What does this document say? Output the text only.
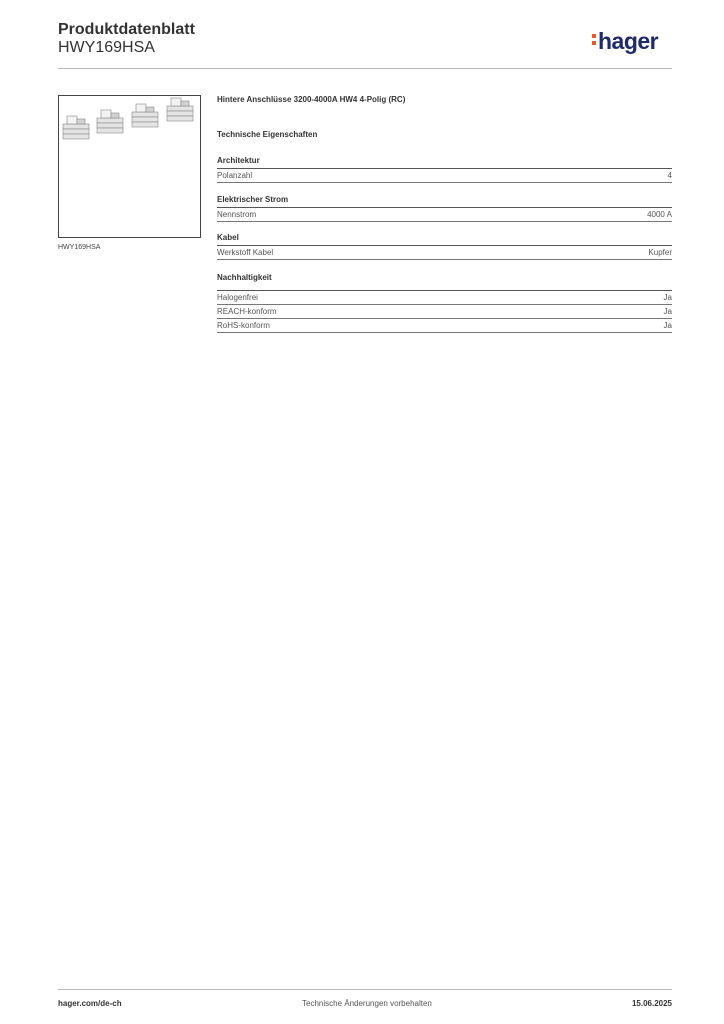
Produktdatenblatt
HWY169HSA	hager
HWY169HSA
Hintere Anschlüsse 3200-4000A HW4 4-Polig (RC)
Technische Eigenschaften
Architektur
Polanzahl	4
Elektrischer Strom
Nennstrom	4000 A
Kabel
Werkstoff Kabel	Kupfer
Nachhaltigkeit
Halogenfrei	Ja
REACH-konform	Ja
RoHS-konform	Ja
hager.com/de-ch	Technische Änderungen vorbehalten	15.06.2025
